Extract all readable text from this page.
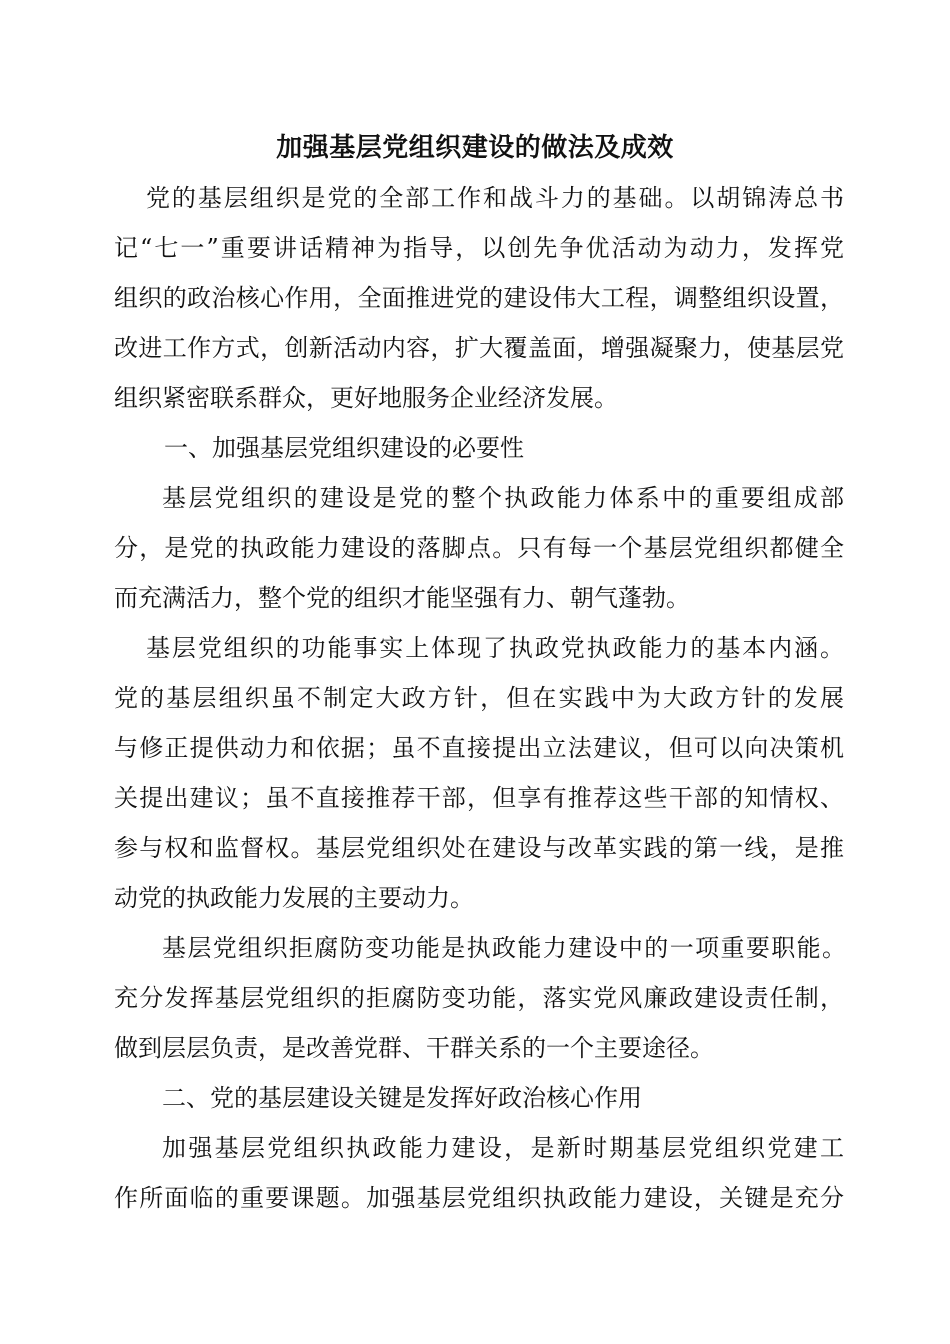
加强基层党组织建设的做法及成效
党的基层组织是党的全部工作和战斗力的基础。以胡锦涛总书
记“七一”重要讲话精神为指导，以创先争优活动为动力，发挥党
组织的政治核心作用，全面推进党的建设伟大工程，调整组织设置，
改进工作方式，创新活动内容，扩大覆盖面，增强凝聚力，使基层党
组织紧密联系群众，更好地服务企业经济发展。
一、加强基层党组织建设的必要性
基层党组织的建设是党的整个执政能力体系中的重要组成部
分，是党的执政能力建设的落脚点。只有每一个基层党组织都健全
而充满活力，整个党的组织才能坚强有力、朝气蓬勃。
基层党组织的功能事实上体现了执政党执政能力的基本内涵。
党的基层组织虽不制定大政方针，但在实践中为大政方针的发展
与修正提供动力和依据；虽不直接提出立法建议，但可以向决策机
关提出建议；虽不直接推荐干部，但享有推荐这些干部的知情权、
参与权和监督权。基层党组织处在建设与改革实践的第一线，是推
动党的执政能力发展的主要动力。
基层党组织拒腐防变功能是执政能力建设中的一项重要职能。
充分发挥基层党组织的拒腐防变功能，落实党风廉政建设责任制，
做到层层负责，是改善党群、干群关系的一个主要途径。
二、党的基层建设关键是发挥好政治核心作用
加强基层党组织执政能力建设，是新时期基层党组织党建工
作所面临的重要课题。加强基层党组织执政能力建设，关键是充分
